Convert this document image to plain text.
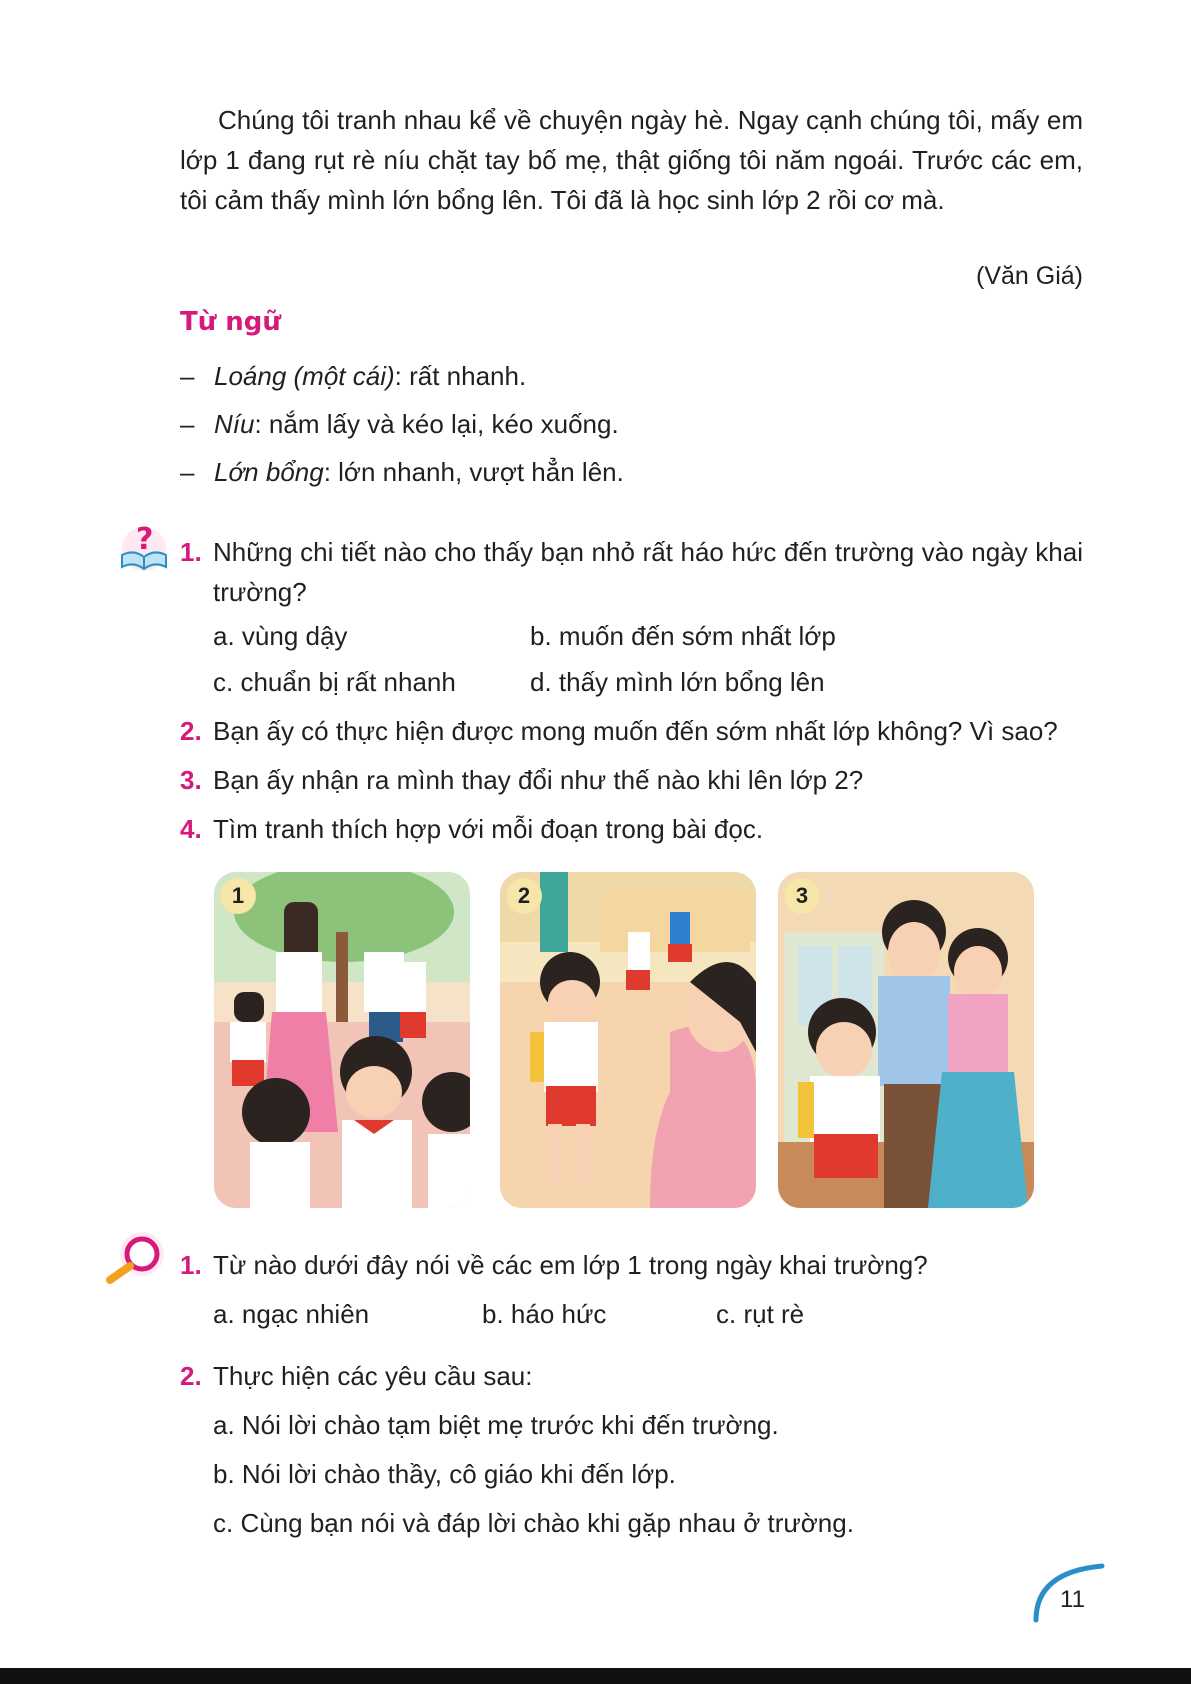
Chúng tôi tranh nhau kể về chuyện ngày hè. Ngay cạnh chúng tôi, mấy em lớp 1 đang rụt rè níu chặt tay bố mẹ, thật giống tôi năm ngoái. Trước các em, tôi cảm thấy mình lớn bổng lên. Tôi đã là học sinh lớp 2 rồi cơ mà.

(Văn Giá)
Từ ngữ
– Loáng (một cái): rất nhanh.
– Níu: nắm lấy và kéo lại, kéo xuống.
– Lớn bổng: lớn nhanh, vượt hẳn lên.
? 1. Những chi tiết nào cho thấy bạn nhỏ rất háo hức đến trường vào ngày khai trường?

a. vùng dậy	b. muốn đến sớm nhất lớp
c. chuẩn bị rất nhanh	d. thấy mình lớn bổng lên
2. Bạn ấy có thực hiện được mong muốn đến sớm nhất lớp không? Vì sao?
3. Bạn ấy nhận ra mình thay đổi như thế nào khi lên lớp 2?
4. Tìm tranh thích hợp với mỗi đoạn trong bài đọc.
1	2	3
1. Từ nào dưới đây nói về các em lớp 1 trong ngày khai trường?
a. ngạc nhiên	b. háo hức	c. rụt rè
2. Thực hiện các yêu cầu sau:
a. Nói lời chào tạm biệt mẹ trước khi đến trường.
b. Nói lời chào thầy, cô giáo khi đến lớp.
c. Cùng bạn nói và đáp lời chào khi gặp nhau ở trường.
11
